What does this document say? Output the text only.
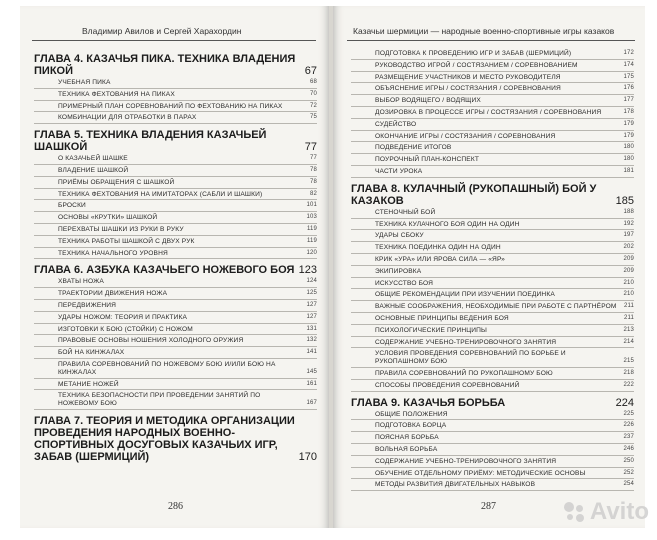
Владимир Авилов и Сергей Харахордин
ГЛАВА 4. КАЗАЧЬЯ ПИКА. ТЕХНИКА ВЛАДЕНИЯ ПИКОЙ	67
УЧЕБНАЯ ПИКА	68
ТЕХНИКА ФЕХТОВАНИЯ НА ПИКАХ	70
ПРИМЕРНЫЙ ПЛАН СОРЕВНОВАНИЙ ПО ФЕХТОВАНИЮ НА ПИКАХ	72
КОМБИНАЦИИ ДЛЯ ОТРАБОТКИ В ПАРАХ	75
ГЛАВА 5. ТЕХНИКА ВЛАДЕНИЯ КАЗАЧЬЕЙ ШАШКОЙ	77
О КАЗАЧЬЕЙ ШАШКЕ	77
ВЛАДЕНИЕ ШАШКОЙ	78
ПРИЁМЫ ОБРАЩЕНИЯ С ШАШКОЙ	78
ТЕХНИКА ФЕХТОВАНИЯ НА ИМИТАТОРАХ (САБЛИ И ШАШКИ)	82
БРОСКИ	101
ОСНОВЫ «КРУТКИ» ШАШКОЙ	103
ПЕРЕХВАТЫ ШАШКИ ИЗ РУКИ В РУКУ	119
ТЕХНИКА РАБОТЫ ШАШКОЙ С ДВУХ РУК	119
ТЕХНИКА НАЧАЛЬНОГО УРОВНЯ	120
ГЛАВА 6. АЗБУКА КАЗАЧЬЕГО НОЖЕВОГО БОЯ 123
ХВАТЫ НОЖА	124
ТРАЕКТОРИИ ДВИЖЕНИЯ НОЖА	125
ПЕРЕДВИЖЕНИЯ	127
УДАРЫ НОЖОМ: ТЕОРИЯ И ПРАКТИКА	127
ИЗГОТОВКИ К БОЮ (СТОЙКИ) С НОЖОМ	131
ПРАВОВЫЕ ОСНОВЫ НОШЕНИЯ ХОЛОДНОГО ОРУЖИЯ	132
БОЙ НА КИНЖАЛАХ	141
ПРАВИЛА СОРЕВНОВАНИЙ ПО НОЖЕВОМУ БОЮ И/ИЛИ БОЮ НА КИНЖАЛАХ	145
МЕТАНИЕ НОЖЕЙ	161
ТЕХНИКА БЕЗОПАСНОСТИ ПРИ ПРОВЕДЕНИИ ЗАНЯТИЙ ПО НОЖЕВОМУ БОЮ	167
ГЛАВА 7. ТЕОРИЯ И МЕТОДИКА ОРГАНИЗАЦИИ ПРОВЕДЕНИЯ НАРОДНЫХ ВОЕННО-СПОРТИВНЫХ ДОСУГОВЫХ КАЗАЧЬИХ ИГР, ЗАБАВ (ШЕРМИЦИЙ)	170
286
Казачьи шермиции — народные военно-спортивные игры казаков
ПОДГОТОВКА К ПРОВЕДЕНИЮ ИГР И ЗАБАВ (ШЕРМИЦИЙ)	172
РУКОВОДСТВО ИГРОЙ / СОСТЯЗАНИЕМ / СОРЕВНОВАНИЕМ	174
РАЗМЕЩЕНИЕ УЧАСТНИКОВ И МЕСТО РУКОВОДИТЕЛЯ	175
ОБЪЯСНЕНИЕ ИГРЫ / СОСТЯЗАНИЯ / СОРЕВНОВАНИЯ	176
ВЫБОР ВОДЯЩЕГО / ВОДЯЩИХ	177
ДОЗИРОВКА В ПРОЦЕССЕ ИГРЫ / СОСТЯЗАНИЯ / СОРЕВНОВАНИЯ	178
СУДЕЙСТВО	179
ОКОНЧАНИЕ ИГРЫ / СОСТЯЗАНИЯ / СОРЕВНОВАНИЯ	179
ПОДВЕДЕНИЕ ИТОГОВ	180
ПОУРОЧНЫЙ ПЛАН-КОНСПЕКТ	180
ЧАСТИ УРОКА	181
ГЛАВА 8. КУЛАЧНЫЙ (РУКОПАШНЫЙ) БОЙ У КАЗАКОВ	185
СТЕНОЧНЫЙ БОЙ	188
ТЕХНИКА КУЛАЧНОГО БОЯ ОДИН НА ОДИН	192
УДАРЫ СБОКУ	197
ТЕХНИКА ПОЕДИНКА ОДИН НА ОДИН	202
КРИК «УРА» ИЛИ ЯРОВА СИЛА — «ЯР»	209
ЭКИПИРОВКА	209
ИСКУССТВО БОЯ	210
ОБЩИЕ РЕКОМЕНДАЦИИ ПРИ ИЗУЧЕНИИ ПОЕДИНКА	210
ВАЖНЫЕ СООБРАЖЕНИЯ, НЕОБХОДИМЫЕ ПРИ РАБОТЕ С ПАРТНЁРОМ	211
ОСНОВНЫЕ ПРИНЦИПЫ ВЕДЕНИЯ БОЯ	211
ПСИХОЛОГИЧЕСКИЕ ПРИНЦИПЫ	213
СОДЕРЖАНИЕ УЧЕБНО-ТРЕНИРОВОЧНОГО ЗАНЯТИЯ	214
УСЛОВИЯ ПРОВЕДЕНИЯ СОРЕВНОВАНИЙ ПО БОРЬБЕ И РУКОПАШНОМУ БОЮ	215
ПРАВИЛА СОРЕВНОВАНИЙ ПО РУКОПАШНОМУ БОЮ	218
СПОСОБЫ ПРОВЕДЕНИЯ СОРЕВНОВАНИЙ	222
ГЛАВА 9. КАЗАЧЬЯ БОРЬБА	224
ОБЩИЕ ПОЛОЖЕНИЯ	225
ПОДГОТОВКА БОРЦА	226
ПОЯСНАЯ БОРЬБА	237
ВОЛЬНАЯ БОРЬБА	246
СОДЕРЖАНИЕ УЧЕБНО-ТРЕНИРОВОЧНОГО ЗАНЯТИЯ	250
ОБУЧЕНИЕ ОТДЕЛЬНОМУ ПРИЁМУ: МЕТОДИЧЕСКИЕ ОСНОВЫ	252
МЕТОДЫ РАЗВИТИЯ ДВИГАТЕЛЬНЫХ НАВЫКОВ	254
287	Avito
